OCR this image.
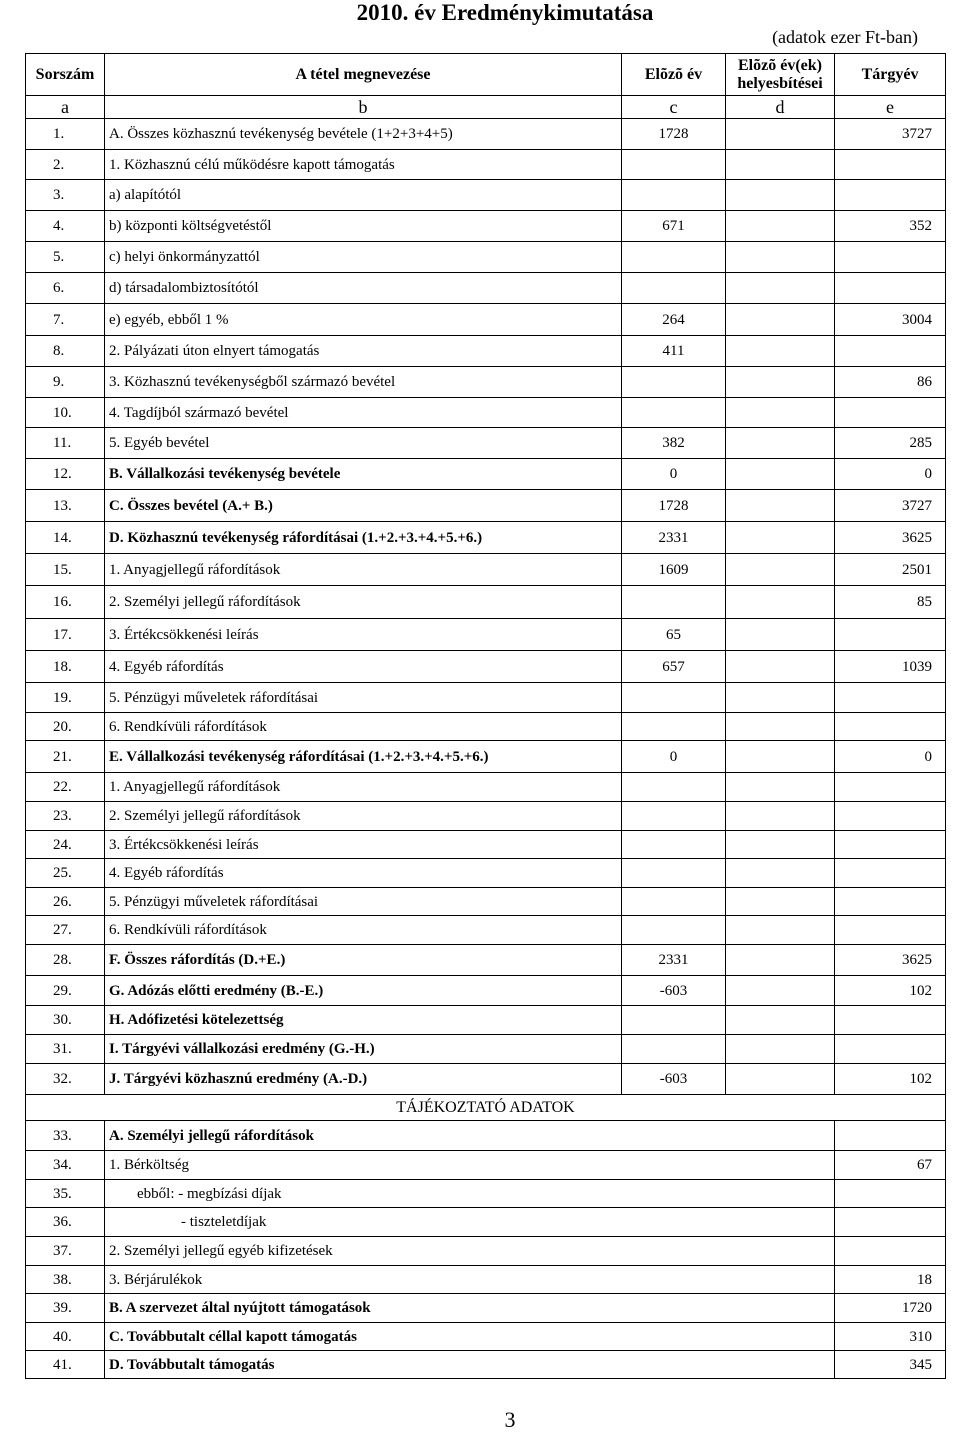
2010. év Eredménykimutatása
(adatok ezer Ft-ban)
Sorszám	A tétel megnevezése	Elõzõ év	Elõzõ év(ek)
helyesbítései	Tárgyév
a	b	c	d	e
1.	A. Összes közhasznú tevékenység bevétele (1+2+3+4+5)	1728		3727
2.	1. Közhasznú célú működésre kapott támogatás			
3.	a) alapítótól			
4.	b) központi költségvetéstől	671		352
5.	c) helyi önkormányzattól			
6.	d) társadalombiztosítótól			
7.	e) egyéb, ebből 1 %	264		3004
8.	2. Pályázati úton elnyert támogatás	411		
9.	3. Közhasznú tevékenységből származó bevétel			86
10.	4. Tagdíjból származó bevétel			
11.	5. Egyéb bevétel	382		285
12.	B. Vállalkozási tevékenység bevétele	0		0
13.	C. Összes bevétel (A.+ B.)	1728		3727
14.	D. Közhasznú tevékenység ráfordításai (1.+2.+3.+4.+5.+6.)	2331		3625
15.	1. Anyagjellegű ráfordítások	1609		2501
16.	2. Személyi jellegű ráfordítások			85
17.	3. Értékcsökkenési leírás	65		
18.	4. Egyéb ráfordítás	657		1039
19.	5. Pénzügyi műveletek ráfordításai			
20.	6. Rendkívüli ráfordítások			
21.	E. Vállalkozási tevékenység ráfordításai (1.+2.+3.+4.+5.+6.)	0		0
22.	1. Anyagjellegű ráfordítások			
23.	2. Személyi jellegű ráfordítások			
24.	3. Értékcsökkenési leírás			
25.	4. Egyéb ráfordítás			
26.	5. Pénzügyi műveletek ráfordításai			
27.	6. Rendkívüli ráfordítások			
28.	F. Összes ráfordítás (D.+E.)	2331		3625
29.	G. Adózás előtti eredmény (B.-E.)	-603		102
30.	H. Adófizetési kötelezettség			
31.	I. Tárgyévi vállalkozási eredmény (G.-H.)			
32.	J. Tárgyévi közhasznú eredmény (A.-D.)	-603		102
TÁJÉKOZTATÓ ADATOK				
33.	A. Személyi jellegű ráfordítások			
34.	1. Bérköltség			67
35.	ebből: - megbízási díjak			
36.	- tiszteletdíjak			
37.	2. Személyi jellegű egyéb kifizetések			
38.	3. Bérjárulékok			18
39.	B. A szervezet által nyújtott támogatások			1720
40.	C. Továbbutalt céllal kapott támogatás			310
41.	D. Továbbutalt támogatás			345
3
